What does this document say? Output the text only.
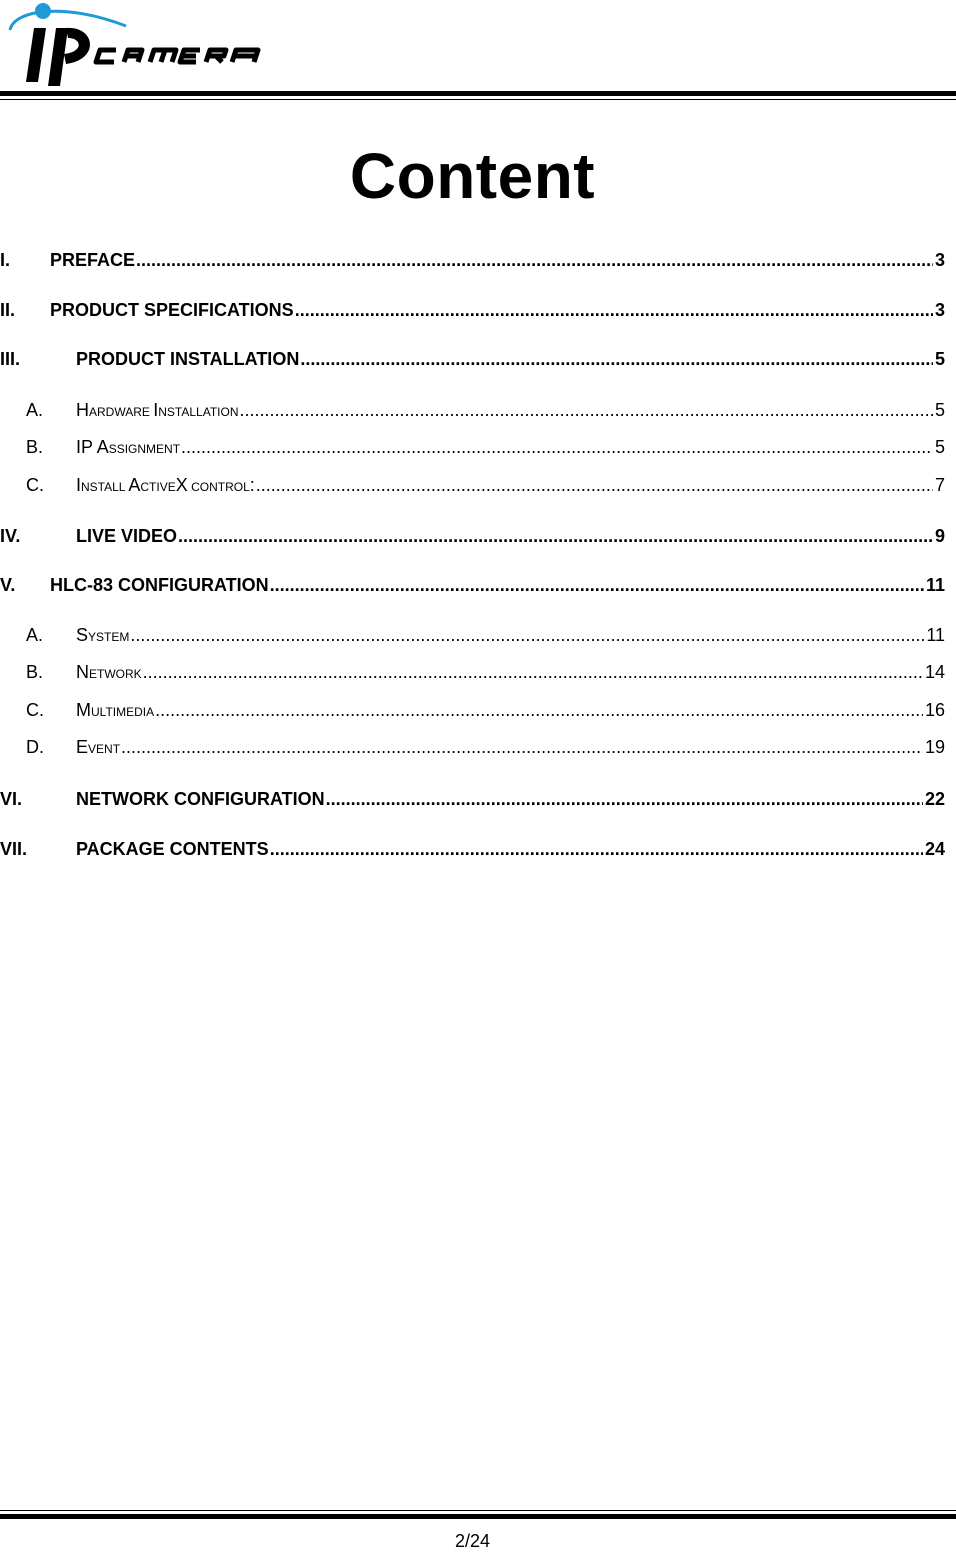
Content
I.	PREFACE .....	3
II.	PRODUCT SPECIFICATIONS .....	3
III.	PRODUCT INSTALLATION .....	5
A.	HARDWARE INSTALLATION .....	5
B.	IP ASSIGNMENT .....	5
C.	INSTALL ACTIVEX CONTROL: .....	7
IV.	LIVE VIDEO .....	9
V.	HLC-83 CONFIGURATION .....	11
A.	SYSTEM .....	11
B.	NETWORK .....	14
C.	MULTIMEDIA .....	16
D.	EVENT .....	19
VI.	NETWORK CONFIGURATION .....	22
VII.	PACKAGE CONTENTS .....	24
2/24
